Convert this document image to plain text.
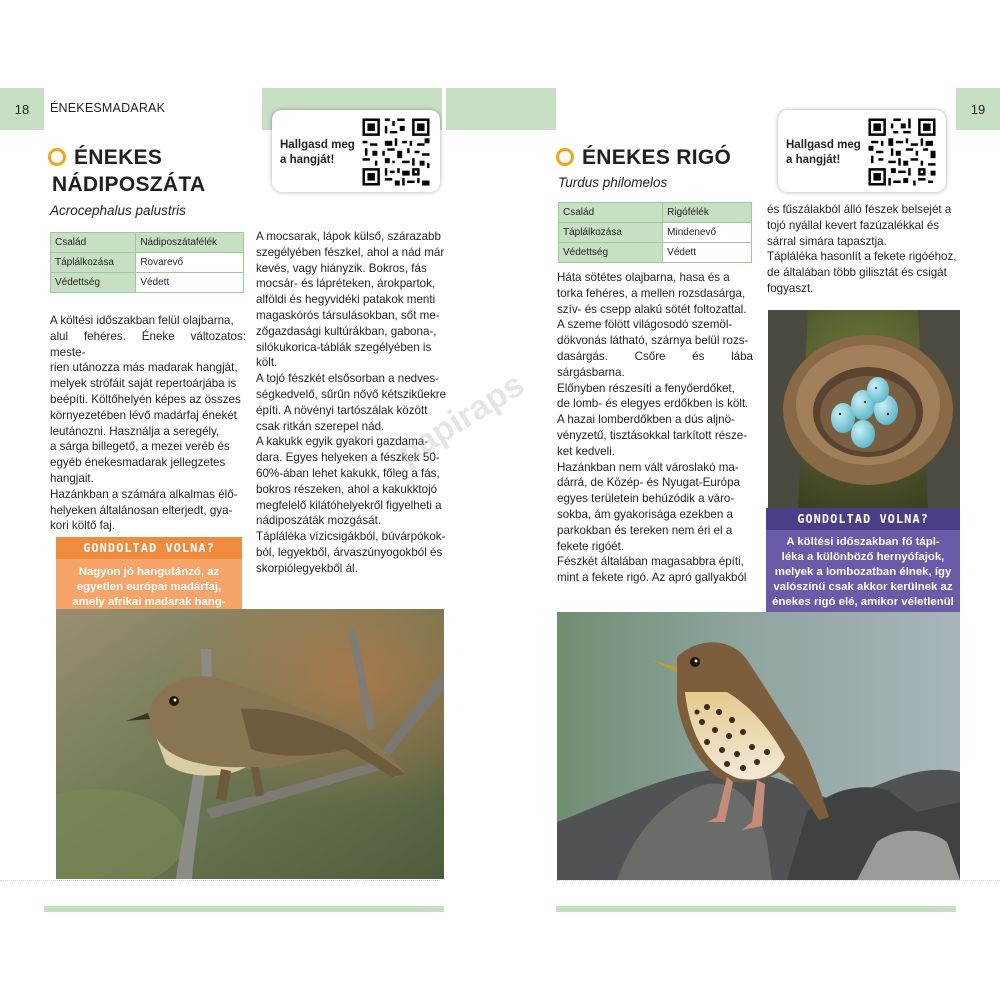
18 ÉNEKESMADARAK
ÉNEKES
NÁDIPOSZÁTA
Acrocephalus palustris
Hallgasd meg
a hangját!
Család	Nádiposzátafélék
Táplálkozása	Rovarevő
Védettség	Védett

A költési időszakban felül olajbarna,

alul fehéres. Éneke változatos: meste-

rien utánozza más madarak hangját,

melyek strófáit saját repertoárjába is

beépíti. Költőhelyén képes az összes

környezetében lévő madárfaj énekét

leutánozni. Használja a seregély,

a sárga billegető, a mezei veréb és

egyéb énekesmadarak jellegzetes

hangjait.

Hazánkban a számára alkalmas élő-

helyeken általánosan elterjedt, gya-

kori költő faj.

A mocsarak, lápok külső, szárazabb

szegélyében fészkel, ahol a nád már

kevés, vagy hiányzik. Bokros, fás

mocsár- és lápréteken, árokpartok,

alföldi és hegyvidéki patakok menti

magaskórós társulásokban, sőt me-

zőgazdasági kultúrákban, gabona-,

silókukorica-táblák szegélyében is

költ.

A tojó fészkét elsősorban a nedves-

ségkedvelő, sűrűn nővő kétszikűekre

építi. A növényi tartószálak között

csak ritkán szerepel nád.

A kakukk egyik gyakori gazdama-

dara. Egyes helyeken a fészkek 50-

60%-ában lehet kakukk, főleg a fás,

bokros részeken, ahol a kakukktojó

megfelelő kilátóhelyekről figyelheti a

nádiposzáták mozgását.

Tápláléka vízicsigákból, búvárpókok-

ból, legyekből, árvaszúnyogokból és

skorpiólegyekből ál.

GONDOLTAD VOLNA?
Nagyon jó hangutánzó, az
egyetlen európai madárfaj,
amely afrikai madarak hang-
papiraps
19
ÉNEKES RIGÓ
Turdus philomelos
Hallgasd meg
a hangját!
Család	Rigófélék
Táplálkozása	Mindenevő
Védettség	Védett

Háta sötétes olajbarna, hasa és a

torka fehéres, a mellen rozsdasárga,

szív- és csepp alakú sötét foltozattal.

A szeme fölött világosodó szemöl-

dökvonás látható, szárnya belül rozs-

dasárgás. Csőre és lába sárgásbarna.

Előnyben részesíti a fenyőerdőket,

de lomb- és elegyes erdőkben is költ.

A hazai lomberdőkben a dús aljnö-

vényzetű, tisztásokkal tarkított része-

ket kedveli.

Hazánkban nem vált városlakó ma-

dárrá, de Közép- és Nyugat-Európa

egyes területein behúzódik a váro-

sokba, ám gyakorisága ezekben a

parkokban és tereken nem éri el a

fekete rigóét.

Fészkét általában magasabbra építi,

mint a fekete rigó. Az apró gallyakból

és fűszálakból álló fészek belsejét a

tojó nyállal kevert fazúzalékkal és

sárral simára tapasztja.

Tápláléka hasonlít a fekete rigóéhoz,

de általában több gilisztát és csigát

fogyaszt.

GONDOLTAD VOLNA?
A költési időszakban fő tápl-
léka a különböző hernyófajok,
melyek a lombozatban élnek, így
valószínű csak akkor kerülnek az
énekes rigó elé, amikor véletlenül
